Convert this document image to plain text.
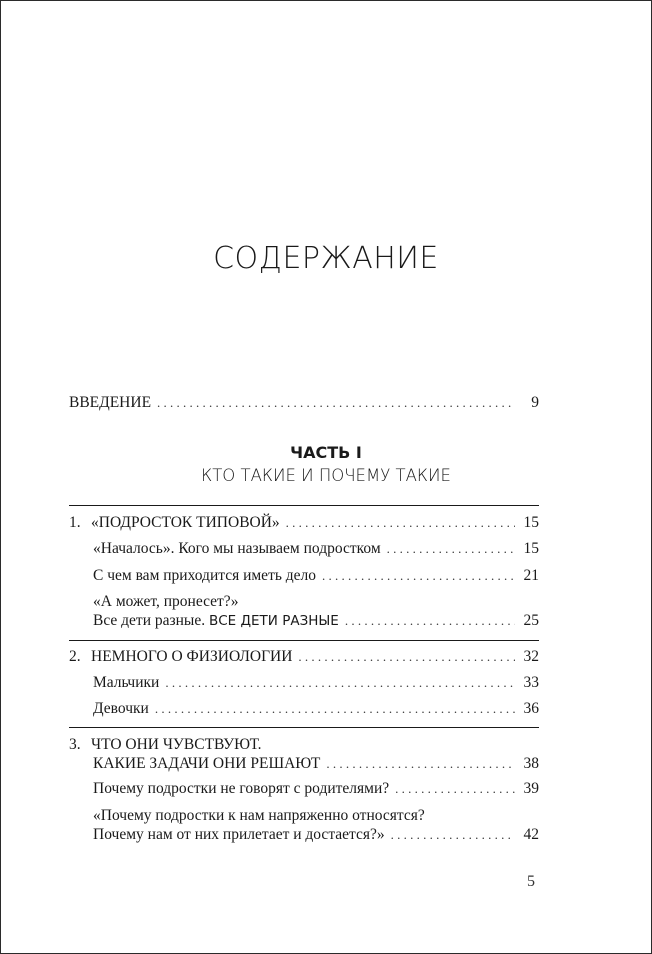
СОДЕРЖАНИЕ
ВВЕДЕНИЕ . . .	9
ЧАСТЬ I
КТО ТАКИЕ И ПОЧЕМУ ТАКИЕ
1. «ПОДРОСТОК ТИПОВОЙ» . . .	15
«Началось». Кого мы называем подростком . . .	15
С чем вам приходится иметь дело . . .	21
«А может, пронесет?»
Все дети разные. ВСЕ ДЕТИ РАЗНЫЕ . . .	25
2. НЕМНОГО О ФИЗИОЛОГИИ . . .	32
Мальчики . . .	33
Девочки . . .	36
3. ЧТО ОНИ ЧУВСТВУЮТ.
КАКИЕ ЗАДАЧИ ОНИ РЕШАЮТ . . .	38
Почему подростки не говорят с родителями? . . .	39
«Почему подростки к нам напряженно относятся?
Почему нам от них прилетает и достается?» . . .	42
5
